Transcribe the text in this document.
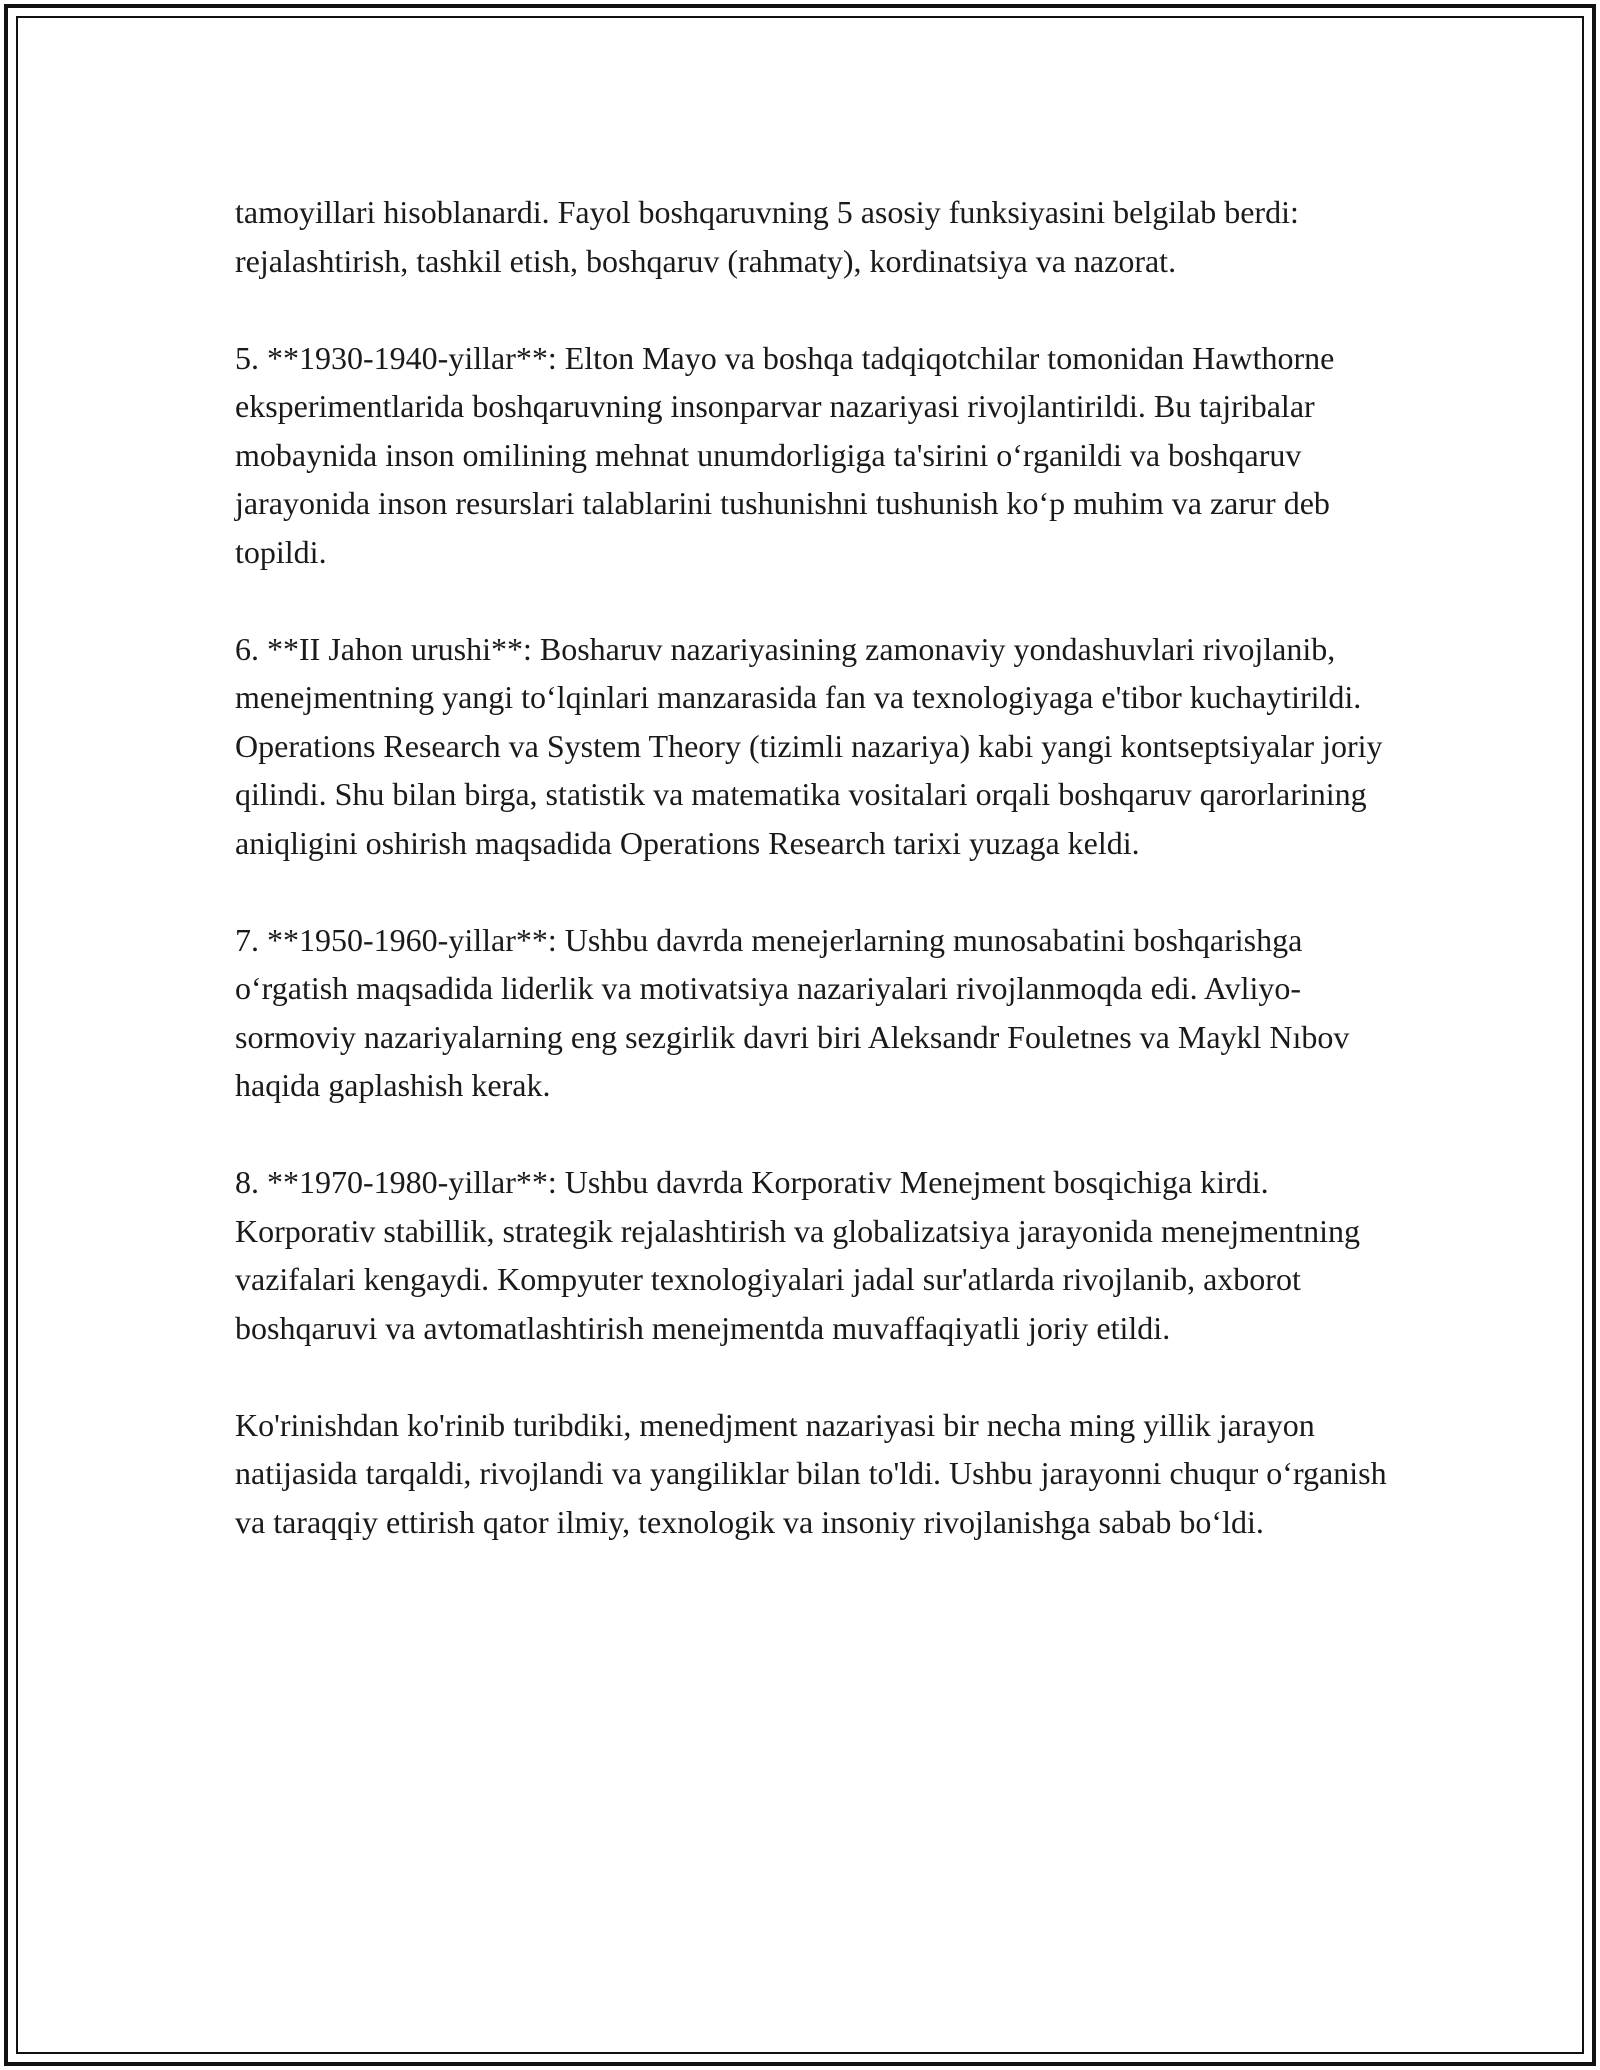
tamoyillari hisoblanardi. Fayol boshqaruvning 5 asosiy funksiyasini belgilab berdi: rejalashtirish, tashkil etish, boshqaruv (rahmaty), kordinatsiya va nazorat.

5. **1930-1940-yillar**: Elton Mayo va boshqa tadqiqotchilar tomonidan Hawthorne eksperimentlarida boshqaruvning insonparvar nazariyasi rivojlantirildi. Bu tajribalar mobaynida inson omilining mehnat unumdorligiga ta'sirini oʻrganildi va boshqaruv jarayonida inson resurslari talablarini tushunishni tushunish koʻp muhim va zarur deb topildi.

6. **II Jahon urushi**: Bosharuv nazariyasining zamonaviy yondashuvlari rivojlanib, menejmentning yangi toʻlqinlari manzarasida fan va texnologiyaga e'tibor kuchaytirildi. Operations Research va System Theory (tizimli nazariya) kabi yangi kontseptsiyalar joriy qilindi. Shu bilan birga, statistik va matematika vositalari orqali boshqaruv qarorlarining aniqligini oshirish maqsadida Operations Research tarixi yuzaga keldi.

7. **1950-1960-yillar**: Ushbu davrda menejerlarning munosabatini boshqarishga oʻrgatish maqsadida liderlik va motivatsiya nazariyalari rivojlanmoqda edi. Avliyo-sormoviy nazariyalarning eng sezgirlik davri biri Aleksandr Fouletnes va Maykl Nıbov haqida gaplashish kerak.

8. **1970-1980-yillar**: Ushbu davrda Korporativ Menejment bosqichiga kirdi. Korporativ stabillik, strategik rejalashtirish va globalizatsiya jarayonida menejmentning vazifalari kengaydi. Kompyuter texnologiyalari jadal sur'atlarda rivojlanib, axborot boshqaruvi va avtomatlashtirish menejmentda muvaffaqiyatli joriy etildi.

Ko'rinishdan ko'rinib turibdiki, menedjment nazariyasi bir necha ming yillik jarayon natijasida tarqaldi, rivojlandi va yangiliklar bilan to'ldi. Ushbu jarayonni chuqur oʻrganish va taraqqiy ettirish qator ilmiy, texnologik va insoniy rivojlanishga sabab boʻldi.
